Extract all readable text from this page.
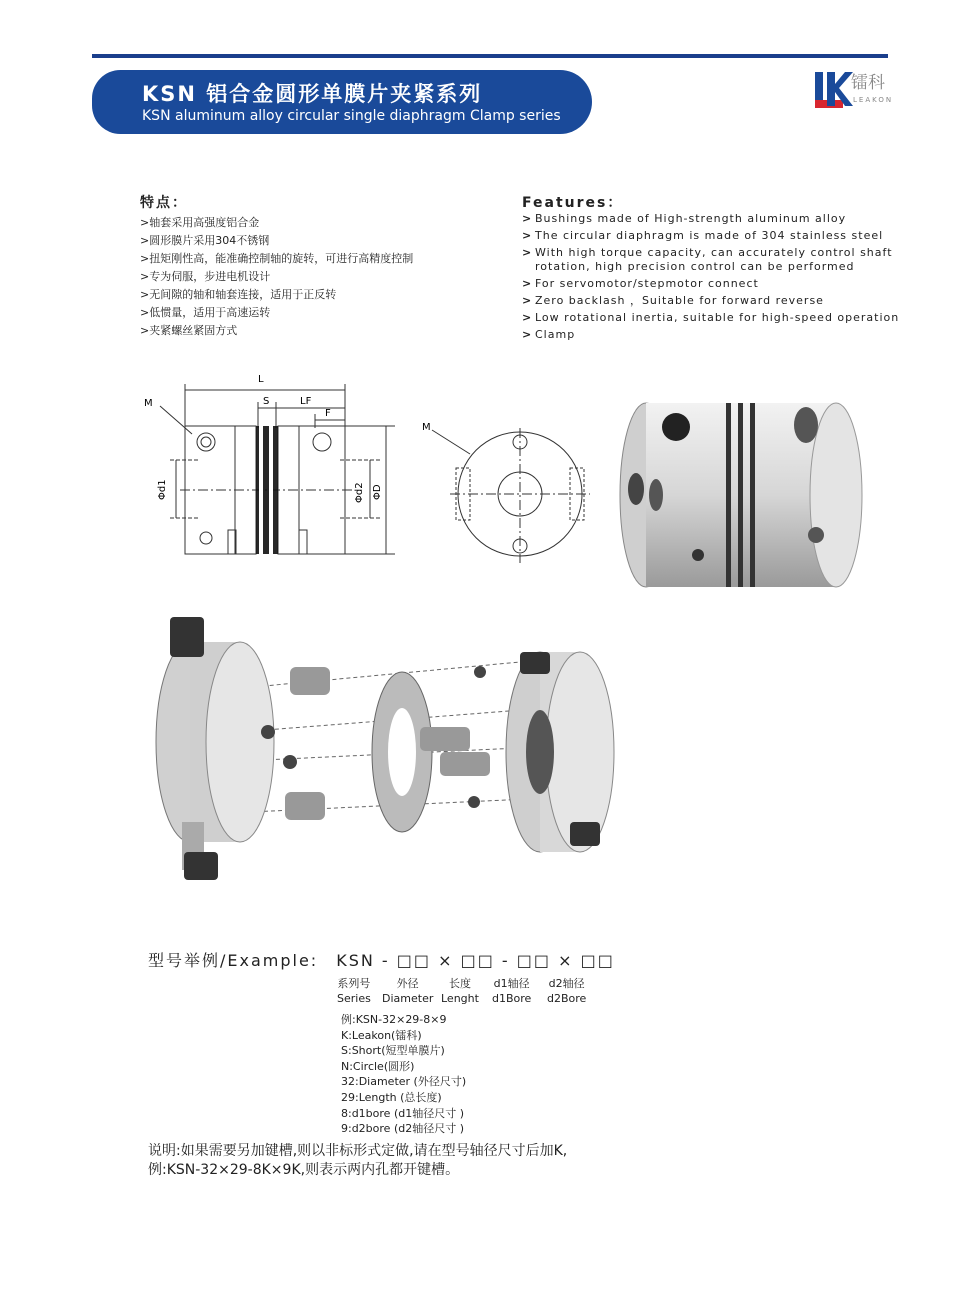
KSN 铝合金圆形单膜片夹紧系列
KSN aluminum alloy circular single diaphragm Clamp series
镭科
LEAKON
特点：
>轴套采用高强度铝合金
>圆形膜片采用304不锈钢
>扭矩刚性高，能准确控制轴的旋转，可进行高精度控制
>专为伺服，步进电机设计
>无间隙的轴和轴套连接，适用于正反转
>低惯量，适用于高速运转
>夹紧螺丝紧固方式
Features：
> Bushings made of High-strength aluminum alloy
> The circular diaphragm is made of 304 stainless steel
> With high torque capacity, can accurately control shaft rotation, high precision control can be performed
> For servomotor/stepmotor connect
> Zero backlash ，Suitable for forward reverse
> Low rotational inertia, suitable for high-speed operation
> Clamp
L
S	LF
F
M
Φd1	Φd2 ΦD
M
型号举例/Example: KSN - □□ × □□ - □□ × □□
系列号
Series
外径
Diameter
长度
Lenght
d1轴径
d1Bore
d2轴径
d2Bore
例:KSN-32×29-8×9
K:Leakon(镭科)
S:Short(短型单膜片)
N:Circle(圆形)
32:Diameter (外径尺寸)
29:Length (总长度)
8:d1bore (d1轴径尺寸 )
9:d2bore (d2轴径尺寸 )
说明:如果需要另加键槽,则以非标形式定做,请在型号轴径尺寸后加K,
例:KSN-32×29-8K×9K,则表示两内孔都开键槽。
